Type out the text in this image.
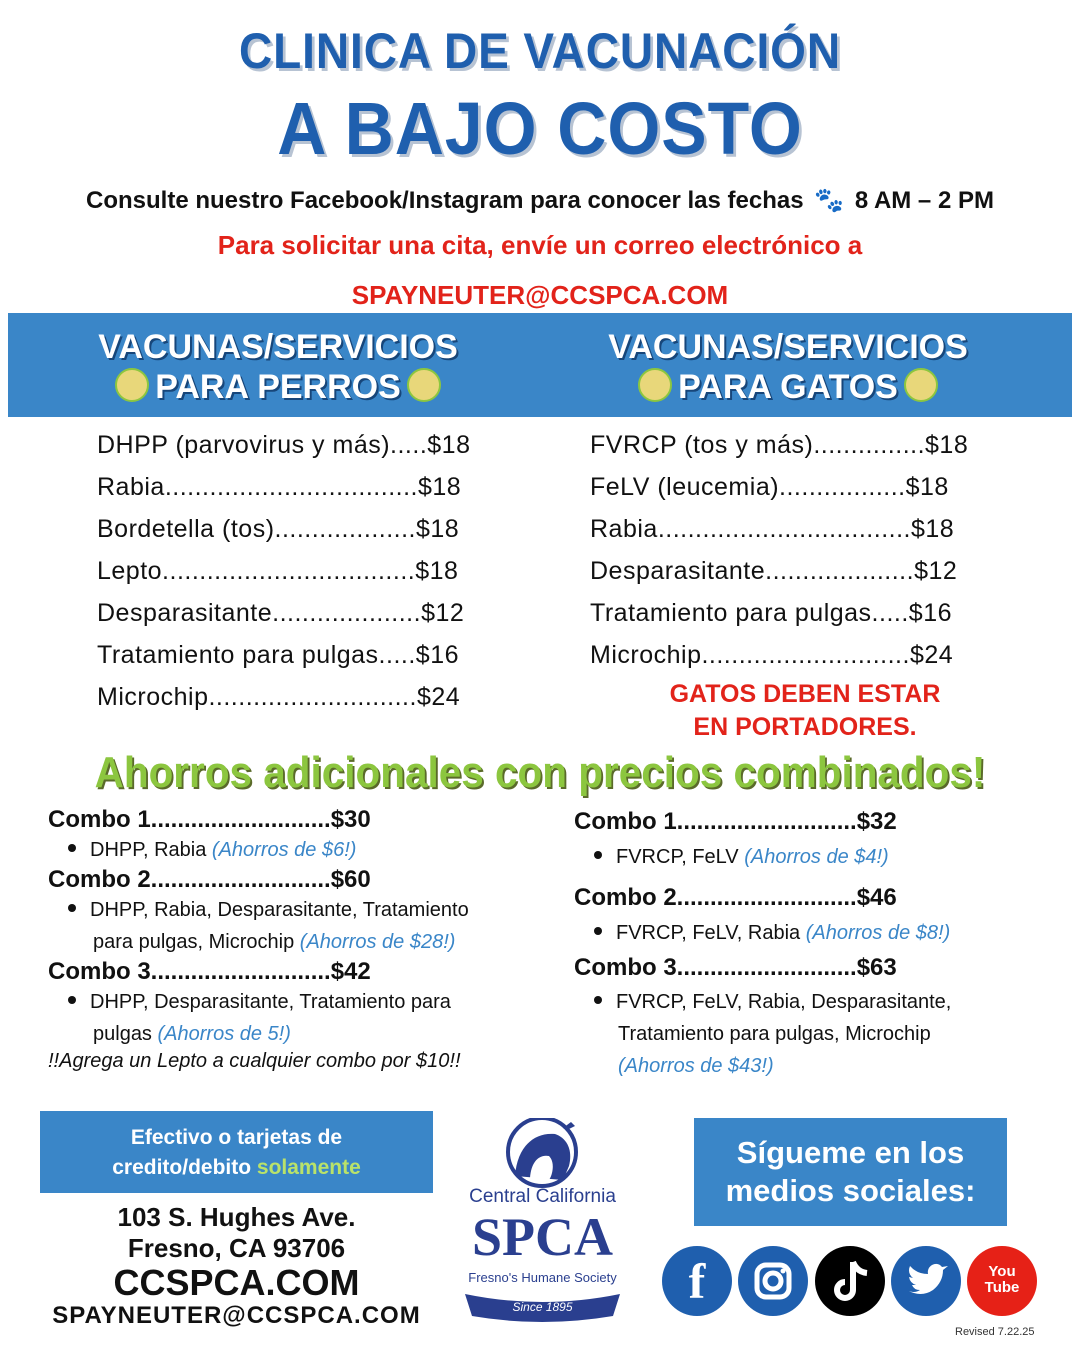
CLINICA DE VACUNACIÓN
A BAJO COSTO
Consulte nuestro Facebook/Instagram para conocer las fechas 🐾 8 AM – 2 PM
Para solicitar una cita, envíe un correo electrónico a
SPAYNEUTER@CCSPCA.COM
VACUNAS/SERVICIOS
PARA PERROS
VACUNAS/SERVICIOS
PARA GATOS
DHPP (parvovirus y más).....$18
Rabia..................................$18
Bordetella (tos)...................$18
Lepto..................................$18
Desparasitante....................$12
Tratamiento para pulgas.....$16
Microchip............................$24
FVRCP (tos y más)...............$18
FeLV (leucemia).................$18
Rabia..................................$18
Desparasitante....................$12
Tratamiento para pulgas.....$16
Microchip............................$24
GATOS DEBEN ESTAR
EN PORTADORES.
Ahorros adicionales con precios combinados!
Combo 1...........................$30
DHPP, Rabia (Ahorros de $6!)
Combo 2...........................$60
DHPP, Rabia, Desparasitante, Tratamiento
para pulgas, Microchip (Ahorros de $28!)
Combo 3...........................$42
DHPP, Desparasitante, Tratamiento para
pulgas (Ahorros de 5!)
!!Agrega un Lepto a cualquier combo por $10!!
Combo 1...........................$32
FVRCP, FeLV (Ahorros de $4!)
Combo 2...........................$46
FVRCP, FeLV, Rabia (Ahorros de $8!)
Combo 3...........................$63
FVRCP, FeLV, Rabia, Desparasitante,
Tratamiento para pulgas, Microchip
(Ahorros de $43!)
Efectivo o tarjetas de
credito/debito solamente
103 S. Hughes Ave.
Fresno, CA 93706
CCSPCA.COM
SPAYNEUTER@CCSPCA.COM
Central California
SPCA
Fresno's Humane Society
Since 1895
Sígueme en los
medios sociales:
f	You
Tube
Revised 7.22.25
